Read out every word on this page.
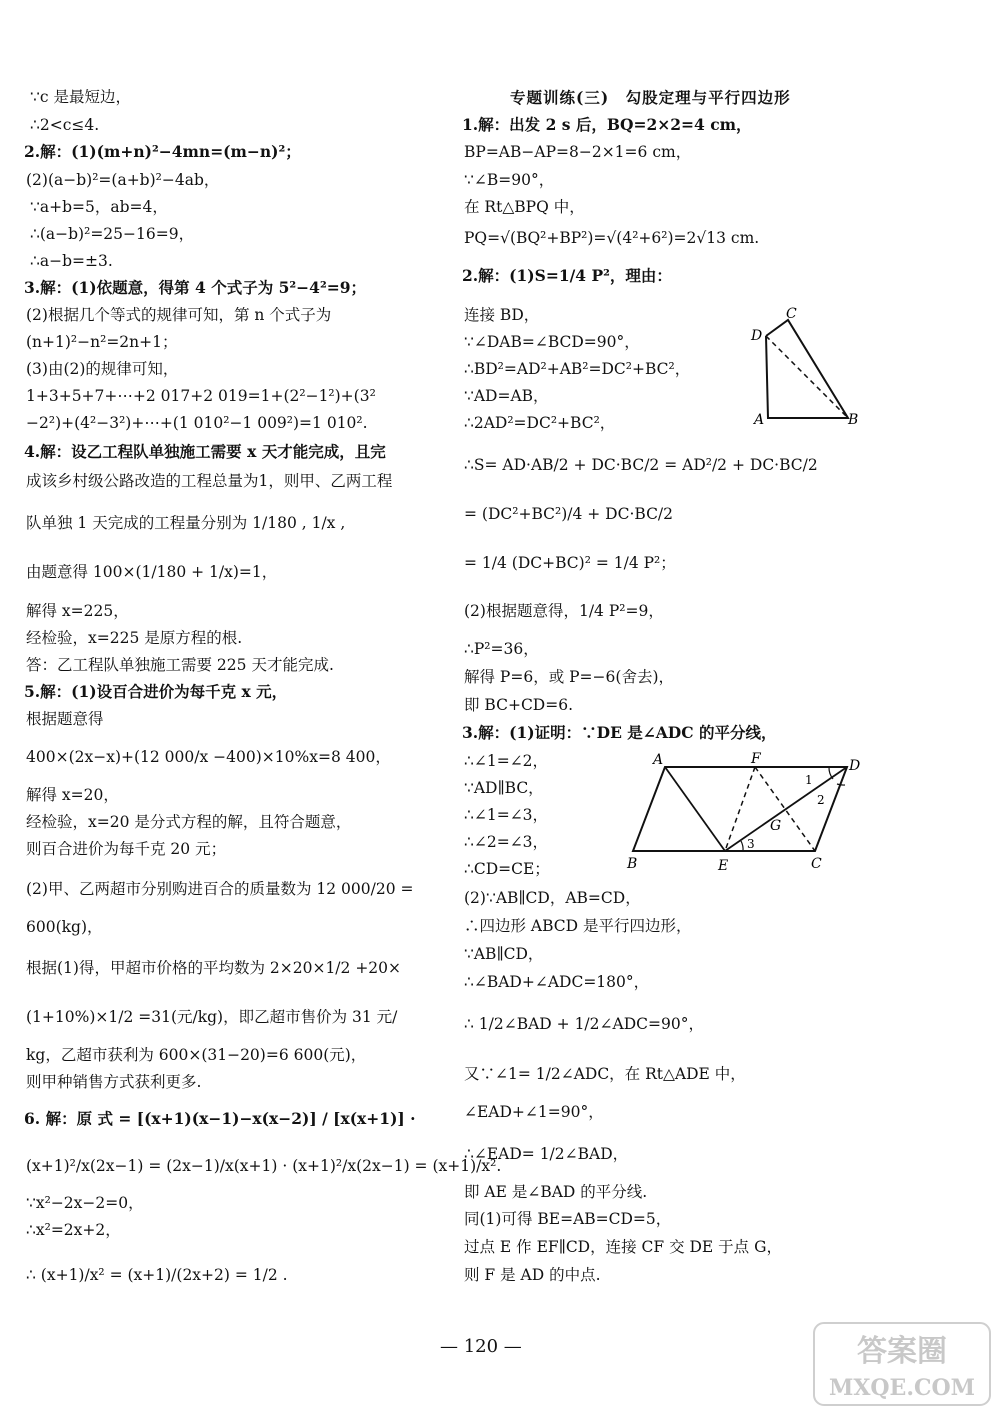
∵c 是最短边，
∴2<c≤4.
2.解：(1)(m+n)²−4mn=(m−n)²；
(2)(a−b)²=(a+b)²−4ab，
∵a+b=5，ab=4，
∴(a−b)²=25−16=9，
∴a−b=±3.
3.解：(1)依题意，得第 4 个式子为 5²−4²=9；
(2)根据几个等式的规律可知，第 n 个式子为
(n+1)²−n²=2n+1；
(3)由(2)的规律可知，
1+3+5+7+⋯+2 017+2 019=1+(2²−1²)+(3²
−2²)+(4²−3²)+⋯+(1 010²−1 009²)=1 010².
4.解：设乙工程队单独施工需要 x 天才能完成，且完
成该乡村级公路改造的工程总量为1，则甲、乙两工程
队单独 1 天完成的工程量分别为 1/180 , 1/x ,
由题意得 100×(1/180 + 1/x)=1，
解得 x=225，
经检验，x=225 是原方程的根.
答：乙工程队单独施工需要 225 天才能完成.
5.解：(1)设百合进价为每千克 x 元，
根据题意得
400×(2x−x)+(12 000/x −400)×10%x=8 400，
解得 x=20，
经检验，x=20 是分式方程的解，且符合题意，
则百合进价为每千克 20 元；
(2)甲、乙两超市分别购进百合的质量数为 12 000/20 =
600(kg)，
根据(1)得，甲超市价格的平均数为 2×20×1/2 +20×
(1+10%)×1/2 =31(元/kg)，即乙超市售价为 31 元/
kg，乙超市获利为 600×(31−20)=6 600(元)，
则甲种销售方式获利更多.
6. 解：原 式 = [(x+1)(x−1)−x(x−2)] / [x(x+1)] ·
(x+1)²/x(2x−1) = (2x−1)/x(x+1) · (x+1)²/x(2x−1) = (x+1)/x².
∵x²−2x−2=0，
∴x²=2x+2，
∴ (x+1)/x² = (x+1)/(2x+2) = 1/2 .
专题训练(三)　勾股定理与平行四边形
1.解：出发 2 s 后，BQ=2×2=4 cm，
BP=AB−AP=8−2×1=6 cm，
∵∠B=90°，
在 Rt△BPQ 中，
PQ=√(BQ²+BP²)=√(4²+6²)=2√13 cm.
2.解：(1)S=1/4 P²，理由：
连接 BD，
∵∠DAB=∠BCD=90°，
∴BD²=AD²+AB²=DC²+BC²，
∵AD=AB，
∴2AD²=DC²+BC²，
∴S= AD·AB/2 + DC·BC/2 = AD²/2 + DC·BC/2
= (DC²+BC²)/4 + DC·BC/2
= 1/4 (DC+BC)² = 1/4 P²；
(2)根据题意得，1/4 P²=9，
∴P²=36，
解得 P=6，或 P=−6(舍去)，
即 BC+CD=6.
3.解：(1)证明：∵DE 是∠ADC 的平分线，
∴∠1=∠2，
∵AD∥BC，
∴∠1=∠3，
∴∠2=∠3，
∴CD=CE；
(2)∵AB∥CD，AB=CD，
∴四边形 ABCD 是平行四边形，
∵AB∥CD，
∴∠BAD+∠ADC=180°，
∴ 1/2∠BAD + 1/2∠ADC=90°，
又∵∠1= 1/2∠ADC，在 Rt△ADE 中，
∠EAD+∠1=90°，
∴∠EAD= 1/2∠BAD，
即 AE 是∠BAD 的平分线.
同(1)可得 BE=AB=CD=5，
过点 E 作 EF∥CD，连接 CF 交 DE 于点 G，
则 F 是 AD 的中点.
D
C
A	B
A	F	D
B	E	C
G
1
2
3
— 120 —	答案圈
MXQE.COM
